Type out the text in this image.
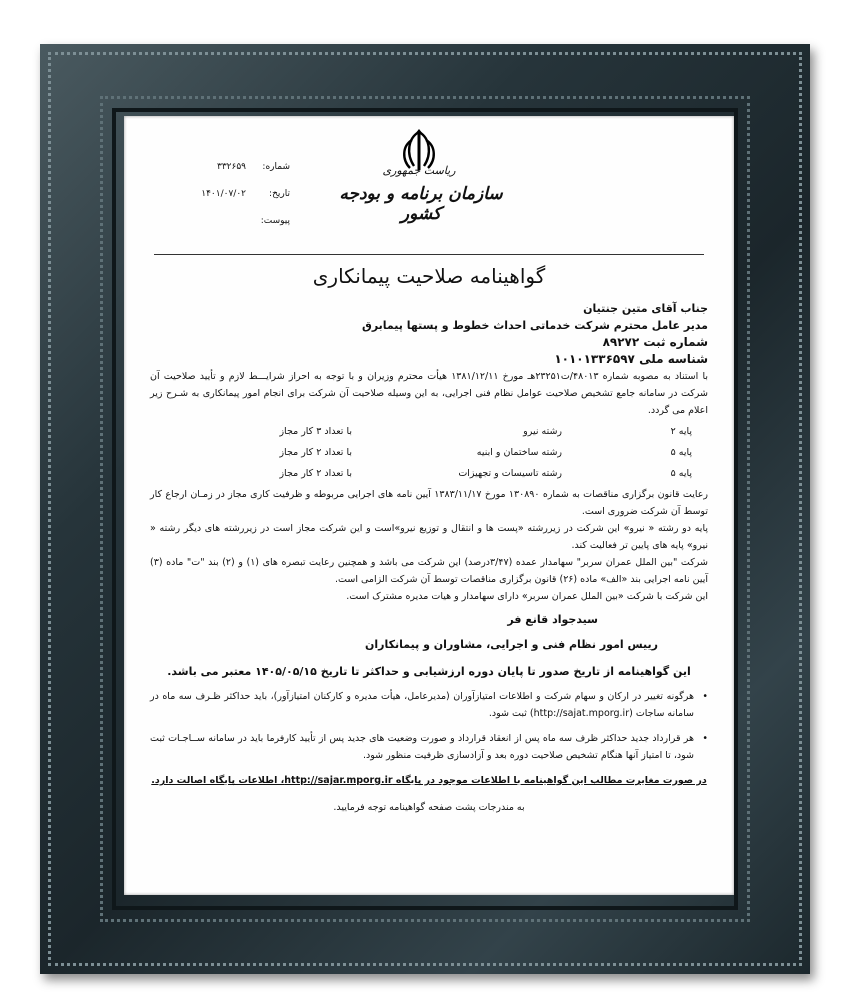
شماره:
۳۳۲۶۵۹
تاریخ:
۱۴۰۱/۰۷/۰۲
پیوست:
ریاست جمهوری
سازمان برنامه و بودجه کشور
گواهینامه صلاحیت پیمانکاری

جناب آقای متین جنتیان

مدیر عامل محترم شرکت خدماتی احداث خطوط و پستها پیمابرق

شماره ثبت ۸۹۲۷۲

شناسه ملی ۱۰۱۰۱۳۳۶۵۹۷

با استناد به مصوبه شماره ۴۸۰۱۳/ت۲۳۲۵۱هـ مورخ ۱۳۸۱/۱۲/۱۱ هیأت محترم وزیران و با توجه به احراز شرایـــط لازم و تأیید صلاحیت آن شرکت در سامانه جامع تشخیص صلاحیت عوامل نظام فنی اجرایی، به این وسیله صلاحیت آن شرکت برای انجام امور پیمانکاری به شـرح زیر اعلام می گردد.

پایه ۲
رشته نیرو
با تعداد ۳ کار مجاز
پایه ۵
رشته ساختمان و ابنیه
با تعداد ۲ کار مجاز
پایه ۵
رشته تاسیسات و تجهیزات
با تعداد ۲ کار مجاز

رعایت قانون برگزاری مناقصات به شماره ۱۳۰۸۹۰ مورخ ۱۳۸۳/۱۱/۱۷ آیین نامه های اجرایی مربوطه و ظرفیت کاری مجاز در زمـان ارجاع کار توسط آن شرکت ضروری است.

پایه دو رشته « نیرو» این شرکت در زیررشته «پست ها و انتقال و توزیع نیرو»است و این شرکت مجاز است در زیررشته های دیگر رشته « نیرو» پایه های پایین تر فعالیت کند.

شرکت "بین الملل عمران سربر" سهامدار عمده (۳/۴۷درصد) این شرکت می باشد و همچنین رعایت تبصره های (۱) و (۲) بند "ت" ماده (۳) آیین نامه اجرایی بند «الف» ماده (۲۶) قانون برگزاری مناقصات توسط آن شرکت الزامی است.

این شرکت با شرکت «بین الملل عمران سربر» دارای سهامدار و هیات مدیره مشترک است.

سیدجواد قانع فر

رییس امور نظام فنی و اجرایی، مشاوران و پیمانکاران

این گواهینامه از تاریخ صدور تا پایان دوره ارزشیابی و حداکثر تا تاریخ ۱۴۰۵/۰۵/۱۵ معتبر می باشد.

• هرگونه تغییر در ارکان و سهام شرکت و اطلاعات امتیازآوران (مدیرعامل، هیأت مدیره و کارکنان امتیازآور)، باید حداکثر ظـرف سه ماه در سامانه ساجات (http://sajat.mporg.ir) ثبت شود.

• هر قرارداد جدید حداکثر ظرف سه ماه پس از انعقاد قرارداد و صورت وضعیت های جدید پس از تأیید کارفرما باید در سامانه ســاجـات ثبت شود، تا امتیاز آنها هنگام تشخیص صلاحیت دوره بعد و آزادسازی ظرفیت منظور شود.

در صورت مغایرت مطالب این گواهینامه با اطلاعات موجود در پایگاه http://sajar.mporg.ir، اطلاعات پایگاه اصالت دارد.

به مندرجات پشت صفحه گواهینامه توجه فرمایید.
